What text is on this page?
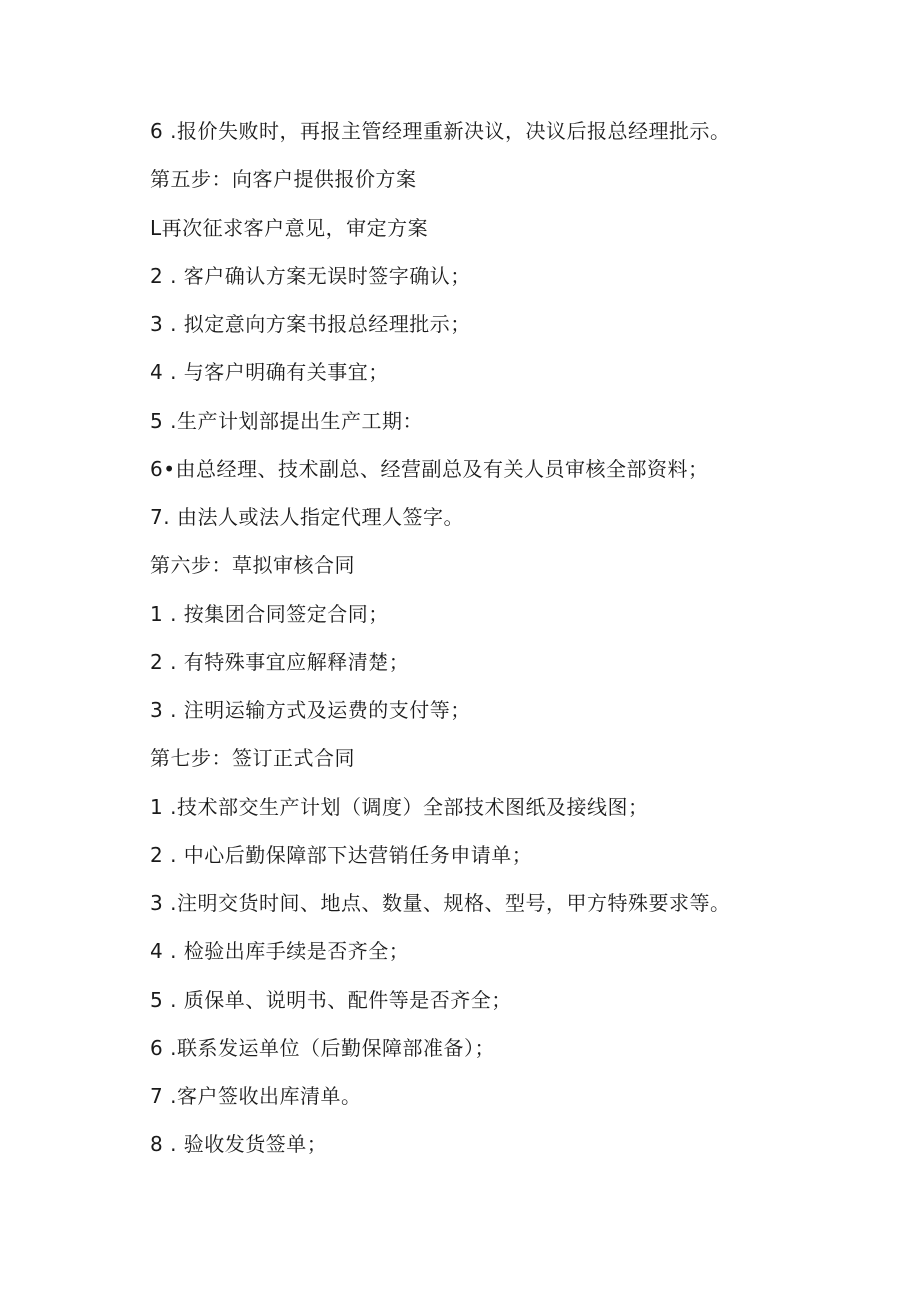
6 .报价失败时，再报主管经理重新决议，决议后报总经理批示。
第五步：向客户提供报价方案
L再次征求客户意见，审定方案
2 . 客户确认方案无误时签字确认；
3 . 拟定意向方案书报总经理批示；
4 . 与客户明确有关事宜；
5 .生产计划部提出生产工期：
6•由总经理、技术副总、经营副总及有关人员审核全部资料；
7. 由法人或法人指定代理人签字。
第六步：草拟审核合同
1 . 按集团合同签定合同；
2 . 有特殊事宜应解释清楚；
3 . 注明运输方式及运费的支付等；
第七步：签订正式合同
1 .技术部交生产计划（调度）全部技术图纸及接线图；
2 . 中心后勤保障部下达营销任务申请单；
3 .注明交货时间、地点、数量、规格、型号，甲方特殊要求等。
4 . 检验出库手续是否齐全；
5 . 质保单、说明书、配件等是否齐全；
6 .联系发运单位（后勤保障部准备）；
7 .客户签收出库清单。
8 . 验收发货签单；
